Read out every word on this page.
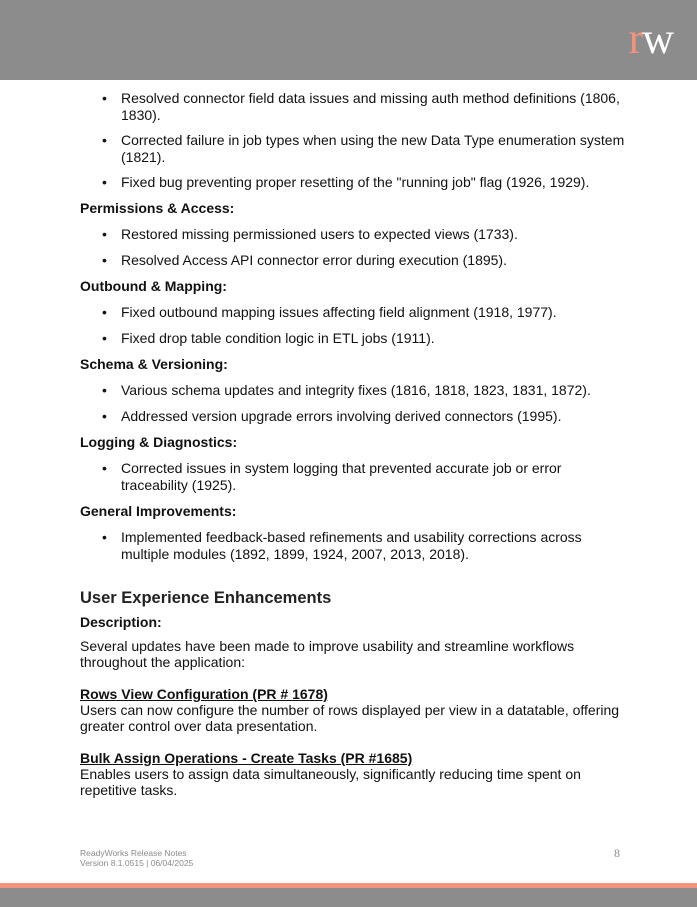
rw
• Resolved connector field data issues and missing auth method definitions (1806, 1830).
• Corrected failure in job types when using the new Data Type enumeration system (1821).
• Fixed bug preventing proper resetting of the "running job" flag (1926, 1929).
Permissions & Access:
• Restored missing permissioned users to expected views (1733).
• Resolved Access API connector error during execution (1895).
Outbound & Mapping:
• Fixed outbound mapping issues affecting field alignment (1918, 1977).
• Fixed drop table condition logic in ETL jobs (1911).
Schema & Versioning:
• Various schema updates and integrity fixes (1816, 1818, 1823, 1831, 1872).
• Addressed version upgrade errors involving derived connectors (1995).
Logging & Diagnostics:
• Corrected issues in system logging that prevented accurate job or error traceability (1925).
General Improvements:
• Implemented feedback-based refinements and usability corrections across multiple modules (1892, 1899, 1924, 2007, 2013, 2018).
User Experience Enhancements
Description:

Several updates have been made to improve usability and streamline workflows throughout the application:

Rows View Configuration (PR # 1678)

Users can now configure the number of rows displayed per view in a datatable, offering greater control over data presentation.

Bulk Assign Operations - Create Tasks (PR #1685)

Enables users to assign data simultaneously, significantly reducing time spent on repetitive tasks.

ReadyWorks Release Notes
Version 8.1.0515 | 06/04/2025
8
